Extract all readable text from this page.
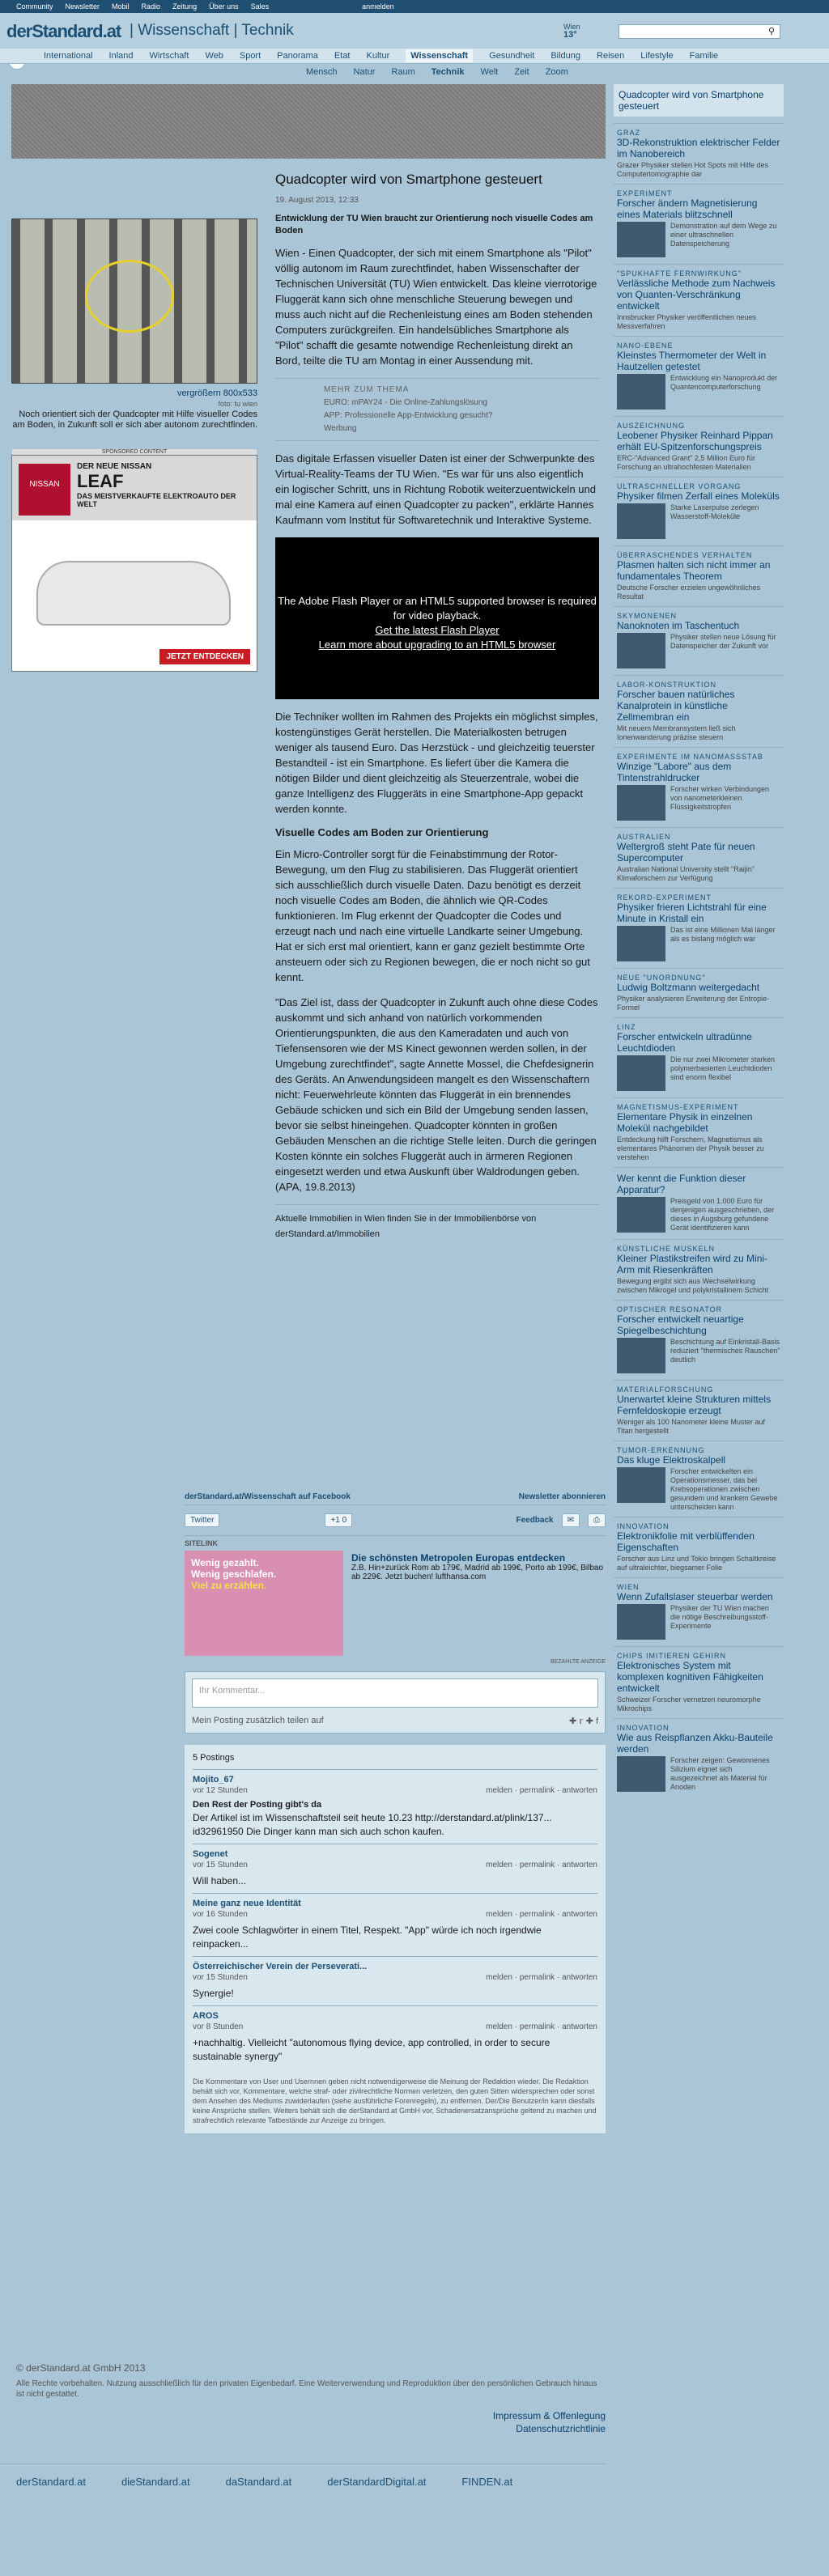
Community Newsletter Mobil Radio Zeitung Über uns Sales	anmelden
derStandard.at | Wissenschaft | Technik	Wien
13°	⚲
International Inland Wirtschaft Web Sport Panorama Etat Kultur	Wissenschaft	Gesundheit Bildung Reisen Lifestyle Familie
Mensch Natur Raum Technik Welt Zeit Zoom
vergrößern 800x533
foto: tu wien
Noch orientiert sich der Quadcopter mit Hilfe visueller Codes am Boden, in Zukunft soll er sich aber autonom zurechtfinden.
SPONSORED CONTENT
NISSAN
DER NEUE NISSAN
LEAF
DAS MEISTVERKAUFTE ELEKTROAUTO DER WELT
JETZT ENTDECKEN
Quadcopter wird von Smartphone gesteuert
19. August 2013, 12:33
Entwicklung der TU Wien braucht zur Orientierung noch visuelle Codes am Boden

Wien - Einen Quadcopter, der sich mit einem Smartphone als "Pilot" völlig autonom im Raum zurechtfindet, haben Wissenschafter der Technischen Universität (TU) Wien entwickelt. Das kleine vierrotorige Fluggerät kann sich ohne menschliche Steuerung bewegen und muss auch nicht auf die Rechenleistung eines am Boden stehenden Computers zurückgreifen. Ein handelsübliches Smartphone als "Pilot" schafft die gesamte notwendige Rechenleistung direkt an Bord, teilte die TU am Montag in einer Aussendung mit.

MEHR ZUM THEMA
EURO: mPAY24 - Die Online-Zahlungslösung
APP: Professionelle App-Entwicklung gesucht?
Werbung

Das digitale Erfassen visueller Daten ist einer der Schwerpunkte des Virtual-Reality-Teams der TU Wien. "Es war für uns also eigentlich ein logischer Schritt, uns in Richtung Robotik weiterzuentwickeln und mal eine Kamera auf einen Quadcopter zu packen", erklärte Hannes Kaufmann vom Institut für Softwaretechnik und Interaktive Systeme.

The Adobe Flash Player or an HTML5 supported browser is required for video playback.
Get the latest Flash Player
Learn more about upgrading to an HTML5 browser

Die Techniker wollten im Rahmen des Projekts ein möglichst simples, kostengünstiges Gerät herstellen. Die Materialkosten betrugen weniger als tausend Euro. Das Herzstück - und gleichzeitig teuerster Bestandteil - ist ein Smartphone. Es liefert über die Kamera die nötigen Bilder und dient gleichzeitig als Steuerzentrale, wobei die ganze Intelligenz des Fluggeräts in eine Smartphone-App gepackt werden konnte.

Visuelle Codes am Boden zur Orientierung

Ein Micro-Controller sorgt für die Feinabstimmung der Rotor-Bewegung, um den Flug zu stabilisieren. Das Fluggerät orientiert sich ausschließlich durch visuelle Daten. Dazu benötigt es derzeit noch visuelle Codes am Boden, die ähnlich wie QR-Codes funktionieren. Im Flug erkennt der Quadcopter die Codes und erzeugt nach und nach eine virtuelle Landkarte seiner Umgebung. Hat er sich erst mal orientiert, kann er ganz gezielt bestimmte Orte ansteuern oder sich zu Regionen bewegen, die er noch nicht so gut kennt.

"Das Ziel ist, dass der Quadcopter in Zukunft auch ohne diese Codes auskommt und sich anhand von natürlich vorkommenden Orientierungspunkten, die aus den Kameradaten und auch von Tiefensensoren wie der MS Kinect gewonnen werden sollen, in der Umgebung zurechtfindet", sagte Annette Mossel, die Chefdesignerin des Geräts. An Anwendungsideen mangelt es den Wissenschaftern nicht: Feuerwehrleute könnten das Fluggerät in ein brennendes Gebäude schicken und sich ein Bild der Umgebung senden lassen, bevor sie selbst hineingehen. Quadcopter könnten in großen Gebäuden Menschen an die richtige Stelle leiten. Durch die geringen Kosten könnte ein solches Fluggerät auch in ärmeren Regionen eingesetzt werden und etwa Auskunft über Waldrodungen geben. (APA, 19.8.2013)

Aktuelle Immobilien in Wien finden Sie in der Immobilienbörse von derStandard.at/Immobilien

derStandard.at/Wissenschaft auf Facebook	Newsletter abonnieren
Twitter	+1 0	Feedback	✉	⎙
SITELINK
Wenig gezahlt.
Wenig geschlafen.
Viel zu erzählen.
Die schönsten Metropolen Europas entdecken
Z.B. Hin+zurück Rom ab 179€, Madrid ab 199€, Porto ab 199€, Bilbao ab 229€. Jetzt buchen! lufthansa.com
BEZAHLTE ANZEIGE
Ihr Kommentar...
Mein Posting zusätzlich teilen auf	✚ 𝕣 ✚ f
5 Postings
Mojito_67
vor 12 Stunden	melden · permalink · antworten
Den Rest der Posting gibt's da
Der Artikel ist im Wissenschaftsteil seit heute 10.23 http://derstandard.at/plink/137... id32961950 Die Dinger kann man sich auch schon kaufen.
Sogenet
vor 15 Stunden	melden · permalink · antworten
Will haben...
Meine ganz neue Identität
vor 16 Stunden	melden · permalink · antworten
Zwei coole Schlagwörter in einem Titel, Respekt. "App" würde ich noch irgendwie reinpacken...
Österreichischer Verein der Perseverati...
vor 15 Stunden	melden · permalink · antworten
Synergie!
AROS
vor 8 Stunden	melden · permalink · antworten
+nachhaltig. Vielleicht "autonomous flying device, app controlled, in order to secure sustainable synergy"
Die Kommentare von User und Usernnen geben nicht notwendigerweise die Meinung der Redaktion wieder. Die Redaktion behält sich vor, Kommentare, welche straf- oder zivilrechtliche Normen verletzen, den guten Sitten widersprechen oder sonst dem Ansehen des Mediums zuwiderlaufen (siehe ausführliche Forenregeln), zu entfernen. Der/Die Benutzer/in kann diesfalls keine Ansprüche stellen. Weiters behält sich die derStandard.at GmbH vor, Schadenersatzansprüche geltend zu machen und strafrechtlich relevante Tatbestände zur Anzeige zu bringen.
© derStandard.at GmbH 2013
Alle Rechte vorbehalten. Nutzung ausschließlich für den privaten Eigenbedarf. Eine Weiterverwendung und Reproduktion über den persönlichen Gebrauch hinaus ist nicht gestattet.
Impressum & Offenlegung
Datenschutzrichtlinie
derStandard.at	dieStandard.at	daStandard.at	derStandardDigital.at	FINDEN.at
Quadcopter wird von Smartphone gesteuert
GRAZ
3D-Rekonstruktion elektrischer Felder im Nanobereich
Grazer Physiker stellen Hot Spots mit Hilfe des Computertomographie dar
EXPERIMENT
Forscher ändern Magnetisierung eines Materials blitzschnell
Demonstration auf dem Wege zu einer ultraschnellen Datenspeicherung
"SPUKHAFTE FERNWIRKUNG"
Verlässliche Methode zum Nachweis von Quanten-Verschränkung entwickelt
Innsbrucker Physiker veröffentlichen neues Messverfahren
NANO-EBENE
Kleinstes Thermometer der Welt in Hautzellen getestet
Entwicklung ein Nanoprodukt der Quantencomputerforschung
AUSZEICHNUNG
Leobener Physiker Reinhard Pippan erhält EU-Spitzenforschungspreis
ERC-"Advanced Grant" 2,5 Million Euro für Forschung an ultrahochfesten Materialien
ULTRASCHNELLER VORGANG
Physiker filmen Zerfall eines Moleküls
Starke Laserpulse zerlegen Wasserstoff-Moleküle
ÜBERRASCHENDES VERHALTEN
Plasmen halten sich nicht immer an fundamentales Theorem
Deutsche Forscher erzielen ungewöhnliches Resultat
SKYMONENEN
Nanoknoten im Taschentuch
Physiker stellen neue Lösung für Datenspeicher der Zukunft vor
LABOR-KONSTRUKTION
Forscher bauen natürliches Kanalprotein in künstliche Zellmembran ein
Mit neuem Membransystem ließ sich Ionenwanderung präzise steuern
EXPERIMENTE IM NANOMASSSTAB
Winzige "Labore" aus dem Tintenstrahldrucker
Forscher wirken Verbindungen von nanometerkleinen Flüssigkeitstropfen
AUSTRALIEN
Weltergroß steht Pate für neuen Supercomputer
Australian National University stellt "Raijin" Klimaforschern zur Verfügung
REKORD-EXPERIMENT
Physiker frieren Lichtstrahl für eine Minute in Kristall ein
Das ist eine Millionen Mal länger als es bislang möglich war
NEUE "UNORDNUNG"
Ludwig Boltzmann weitergedacht
Physiker analysieren Erweiterung der Entropie-Formel
LINZ
Forscher entwickeln ultradünne Leuchtdioden
Die nur zwei Mikrometer starken polymerbasierten Leuchtdioden sind enorm flexibel
MAGNETISMUS-EXPERIMENT
Elementare Physik in einzelnen Molekül nachgebildet
Entdeckung hilft Forschern, Magnetismus als elementares Phänomen der Physik besser zu verstehen
Wer kennt die Funktion dieser Apparatur?
Preisgeld von 1.000 Euro für denjenigen ausgeschrieben, der dieses in Augsburg gefundene Gerät identifizieren kann
KÜNSTLICHE MUSKELN
Kleiner Plastikstreifen wird zu Mini-Arm mit Riesenkräften
Bewegung ergibt sich aus Wechselwirkung zwischen Mikrogel und polykristallinem Schicht
OPTISCHER RESONATOR
Forscher entwickelt neuartige Spiegelbeschichtung
Beschichtung auf Einkristall-Basis reduziert "thermisches Rauschen" deutlich
MATERIALFORSCHUNG
Unerwartet kleine Strukturen mittels Fernfeldoskopie erzeugt
Weniger als 100 Nanometer kleine Muster auf Titan hergestellt
TUMOR-ERKENNUNG
Das kluge Elektroskalpell
Forscher entwickelten ein Operationsmesser, das bei Krebsoperationen zwischen gesundem und krankem Gewebe unterscheiden kann
INNOVATION
Elektronikfolie mit verblüffenden Eigenschaften
Forscher aus Linz und Tokio bringen Schaltkreise auf ultraleichter, biegsamer Folie
WIEN
Wenn Zufallslaser steuerbar werden
Physiker der TU Wien machen die nötige Beschreibungsstoff-Experimente
CHIPS IMITIEREN GEHIRN
Elektronisches System mit komplexen kognitiven Fähigkeiten entwickelt
Schweizer Forscher vernetzen neuromorphe Mikrochips
INNOVATION
Wie aus Reispflanzen Akku-Bauteile werden
Forscher zeigen: Gewonnenes Silizium eignet sich ausgezeichnet als Material für Anoden
